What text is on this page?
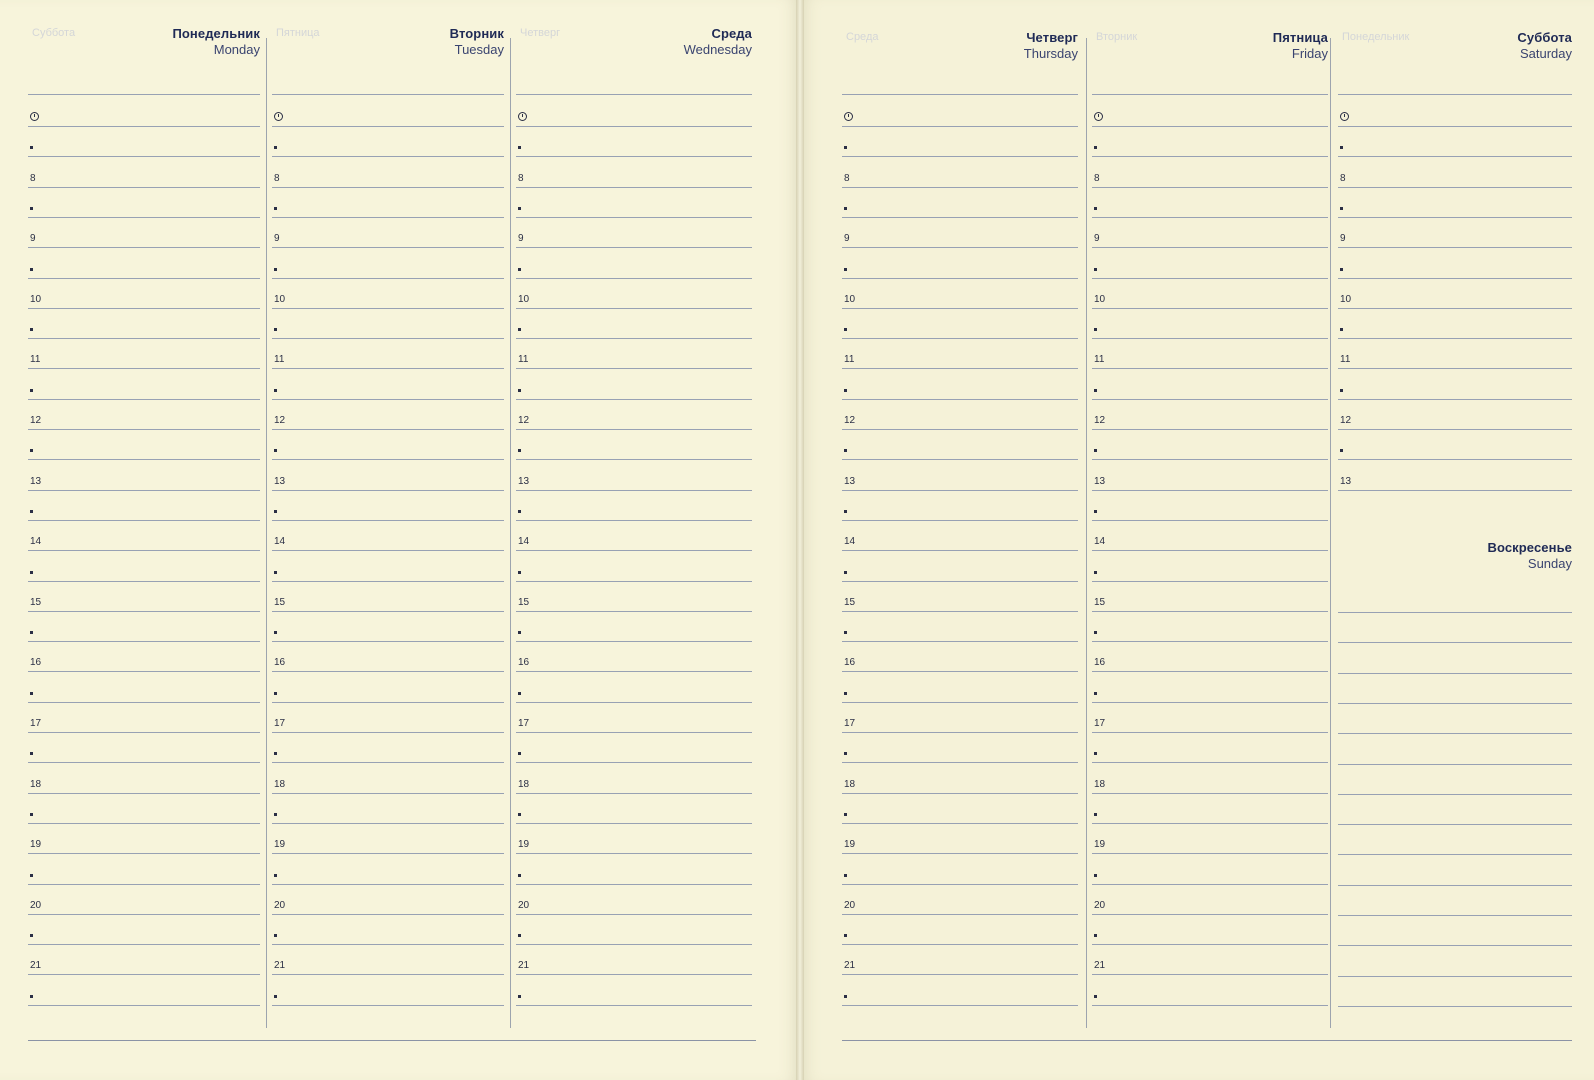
Понедельник
Monday
Суббота
8
9
10
11
12
13
14
15
16
17
18
19
20
21
Вторник
Tuesday
Пятница
8
9
10
11
12
13
14
15
16
17
18
19
20
21
Среда
Wednesday
Четверг
8
9
10
11
12
13
14
15
16
17
18
19
20
21
Четверг
Thursday
Среда
8
9
10
11
12
13
14
15
16
17
18
19
20
21
Пятница
Friday
Вторник
8
9
10
11
12
13
14
15
16
17
18
19
20
21
Суббота
Saturday
Понедельник
8
9
10
11
12
13
Воскресенье
Sunday
